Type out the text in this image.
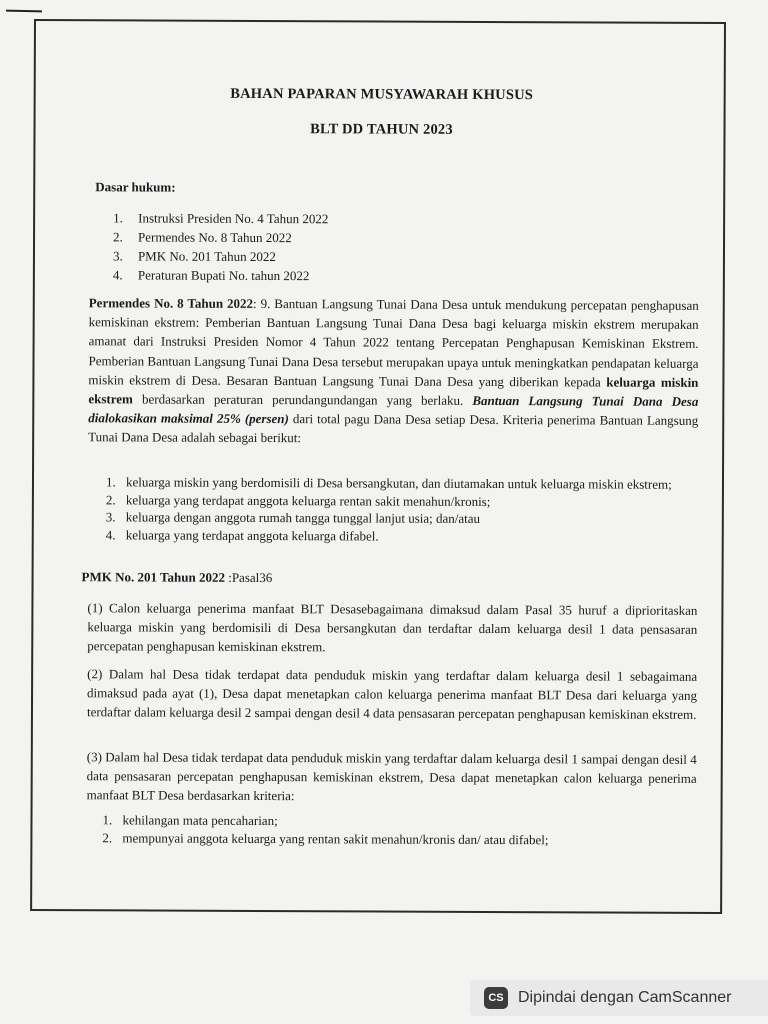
BAHAN PAPARAN MUSYAWARAH KHUSUS
BLT DD TAHUN 2023
Dasar hukum:
1. Instruksi Presiden No. 4 Tahun 2022
2. Permendes No. 8 Tahun 2022
3. PMK No. 201 Tahun 2022
4. Peraturan Bupati No. tahun 2022
Permendes No. 8 Tahun 2022: 9. Bantuan Langsung Tunai Dana Desa untuk mendukung percepatan penghapusan kemiskinan ekstrem: Pemberian Bantuan Langsung Tunai Dana Desa bagi keluarga miskin ekstrem merupakan amanat dari Instruksi Presiden Nomor 4 Tahun 2022 tentang Percepatan Penghapusan Kemiskinan Ekstrem. Pemberian Bantuan Langsung Tunai Dana Desa tersebut merupakan upaya untuk meningkatkan pendapatan keluarga miskin ekstrem di Desa. Besaran Bantuan Langsung Tunai Dana Desa yang diberikan kepada keluarga miskin ekstrem berdasarkan peraturan perundangundangan yang berlaku. Bantuan Langsung Tunai Dana Desa dialokasikan maksimal 25% (persen) dari total pagu Dana Desa setiap Desa. Kriteria penerima Bantuan Langsung Tunai Dana Desa adalah sebagai berikut:
1. keluarga miskin yang berdomisili di Desa bersangkutan, dan diutamakan untuk keluarga miskin ekstrem;
2. keluarga yang terdapat anggota keluarga rentan sakit menahun/kronis;
3. keluarga dengan anggota rumah tangga tunggal lanjut usia; dan/atau
4. keluarga yang terdapat anggota keluarga difabel.
PMK No. 201 Tahun 2022 :Pasal36
(1) Calon keluarga penerima manfaat BLT Desasebagaimana dimaksud dalam Pasal 35 huruf a diprioritaskan keluarga miskin yang berdomisili di Desa bersangkutan dan terdaftar dalam keluarga desil 1 data pensasaran percepatan penghapusan kemiskinan ekstrem.
(2) Dalam hal Desa tidak terdapat data penduduk miskin yang terdaftar dalam keluarga desil 1 sebagaimana dimaksud pada ayat (1), Desa dapat menetapkan calon keluarga penerima manfaat BLT Desa dari keluarga yang terdaftar dalam keluarga desil 2 sampai dengan desil 4 data pensasaran percepatan penghapusan kemiskinan ekstrem.
(3) Dalam hal Desa tidak terdapat data penduduk miskin yang terdaftar dalam keluarga desil 1 sampai dengan desil 4 data pensasaran percepatan penghapusan kemiskinan ekstrem, Desa dapat menetapkan calon keluarga penerima manfaat BLT Desa berdasarkan kriteria:
1. kehilangan mata pencaharian;
2. mempunyai anggota keluarga yang rentan sakit menahun/kronis dan/ atau difabel;
CS Dipindai dengan CamScanner
